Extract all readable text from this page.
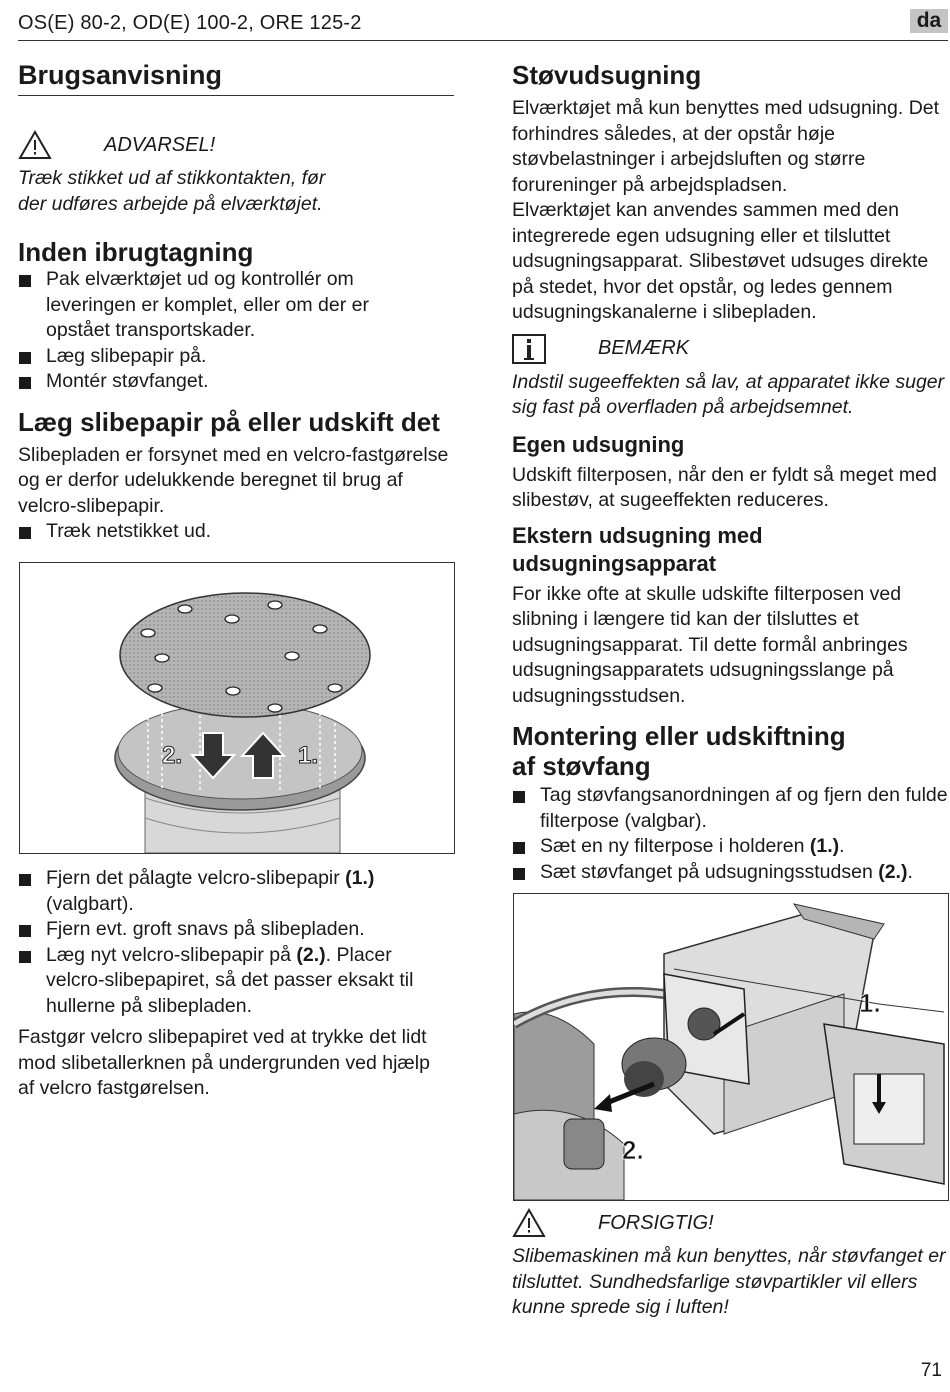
OS(E) 80-2, OD(E) 100-2, ORE 125-2	da
Brugsanvisning
ADVARSEL!

Træk stikket ud af stikkontakten, før

der udføres arbejde på elværktøjet.

Inden ibrugtagning
Pak elværktøjet ud og kontrollér om leveringen er komplet, eller om der er opstået transportskader.
Læg slibepapir på.
Montér støvfanget.
Læg slibepapir på eller udskift det

Slibepladen er forsynet med en velcro-fastgørelse og er derfor udelukkende beregnet til brug af velcro-slibepapir.

Træk netstikket ud.
2.	1.
Fjern det pålagte velcro-slibepapir (1.) (valgbart).
Fjern evt. groft snavs på slibepladen.
Læg nyt velcro-slibepapir på (2.). Placer velcro-slibepapiret, så det passer eksakt til hullerne på slibepladen.

Fastgør velcro slibepapiret ved at trykke det lidt mod slibetallerknen på undergrunden ved hjælp af velcro fastgørelsen.

Støvudsugning

Elværktøjet må kun benyttes med udsugning. Det forhindres således, at der opstår høje støvbelastninger i arbejdsluften og større forureninger på arbejdspladsen.

Elværktøjet kan anvendes sammen med den integrerede egen udsugning eller et tilsluttet udsugningsapparat. Slibestøvet udsuges direkte på stedet, hvor det opstår, og ledes gennem udsugningskanalerne i slibepladen.

BEMÆRK

Indstil sugeeffekten så lav, at apparatet ikke suger sig fast på overfladen på arbejdsemnet.

Egen udsugning

Udskift filterposen, når den er fyldt så meget med slibestøv, at sugeeffekten reduceres.

Ekstern udsugning med udsugningsapparat

For ikke ofte at skulle udskifte filterposen ved slibning i længere tid kan der tilsluttes et udsugningsapparat. Til dette formål anbringes udsugningsapparatets udsugningsslange på udsugningsstudsen.

Montering eller udskiftning
af støvfang
Tag støvfangsanordningen af og fjern den fulde filterpose (valgbar).
Sæt en ny filterpose i holderen (1.).
Sæt støvfanget på udsugningsstudsen (2.).
1.
2.
FORSIGTIG!

Slibemaskinen må kun benyttes, når støvfanget er tilsluttet. Sundhedsfarlige støvpartikler vil ellers kunne sprede sig i luften!

71
